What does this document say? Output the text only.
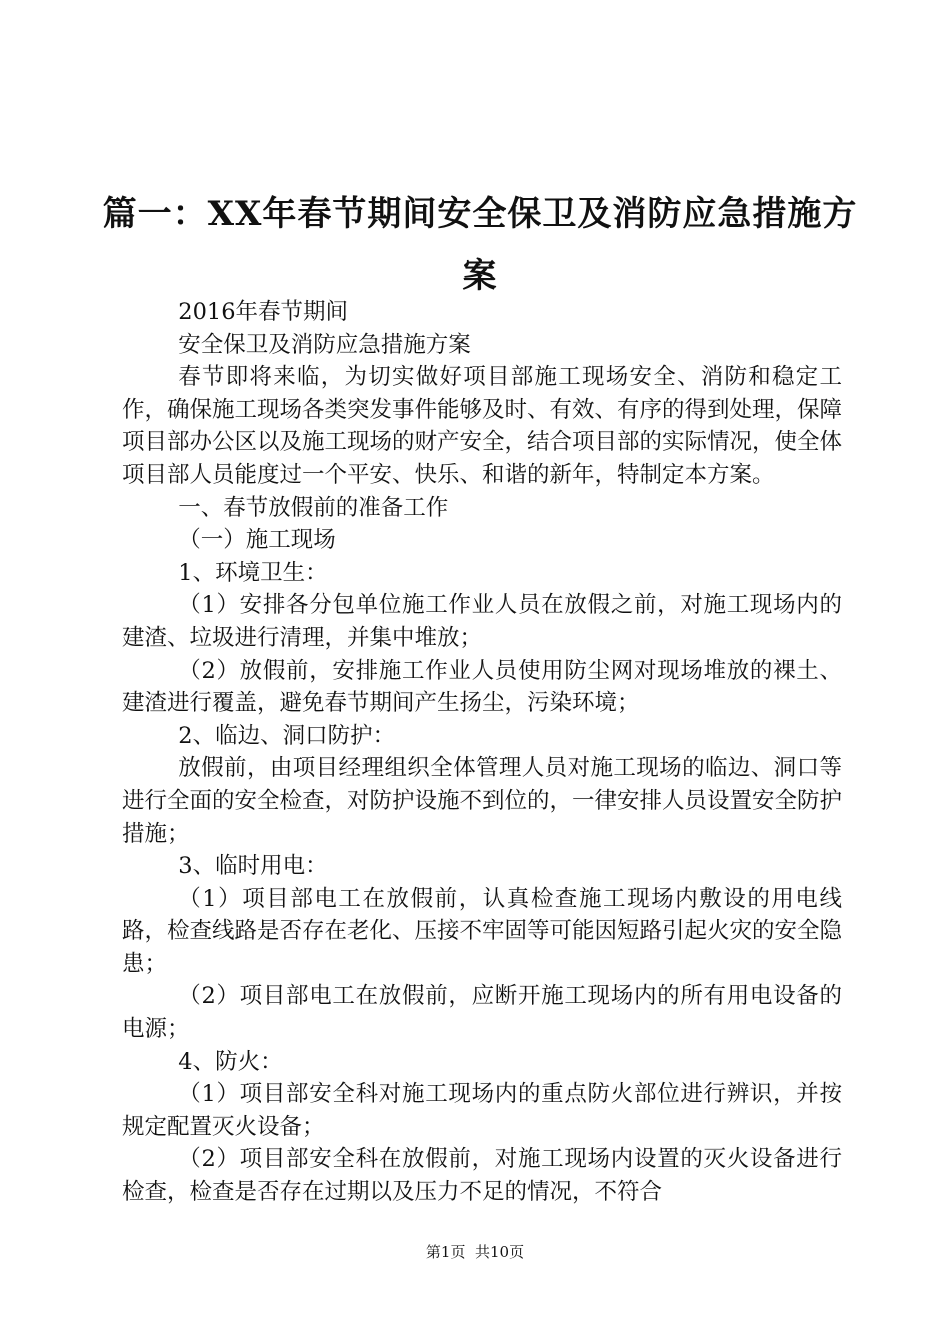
篇一：XX年春节期间安全保卫及消防应急措施方案

2016年春节期间

安全保卫及消防应急措施方案

春节即将来临，为切实做好项目部施工现场安全、消防和稳定工作，确保施工现场各类突发事件能够及时、有效、有序的得到处理，保障项目部办公区以及施工现场的财产安全，结合项目部的实际情况，使全体项目部人员能度过一个平安、快乐、和谐的新年，特制定本方案。

一、春节放假前的准备工作

（一）施工现场

1、环境卫生：

（1）安排各分包单位施工作业人员在放假之前，对施工现场内的建渣、垃圾进行清理，并集中堆放；

（2）放假前，安排施工作业人员使用防尘网对现场堆放的裸土、建渣进行覆盖，避免春节期间产生扬尘，污染环境；

2、临边、洞口防护：

放假前，由项目经理组织全体管理人员对施工现场的临边、洞口等进行全面的安全检查，对防护设施不到位的，一律安排人员设置安全防护措施；

3、临时用电：

（1）项目部电工在放假前，认真检查施工现场内敷设的用电线路，检查线路是否存在老化、压接不牢固等可能因短路引起火灾的安全隐患；

（2）项目部电工在放假前，应断开施工现场内的所有用电设备的电源；

4、防火：

（1）项目部安全科对施工现场内的重点防火部位进行辨识，并按规定配置灭火设备；

（2）项目部安全科在放假前，对施工现场内设置的灭火设备进行检查，检查是否存在过期以及压力不足的情况，不符合

第1页 共10页
